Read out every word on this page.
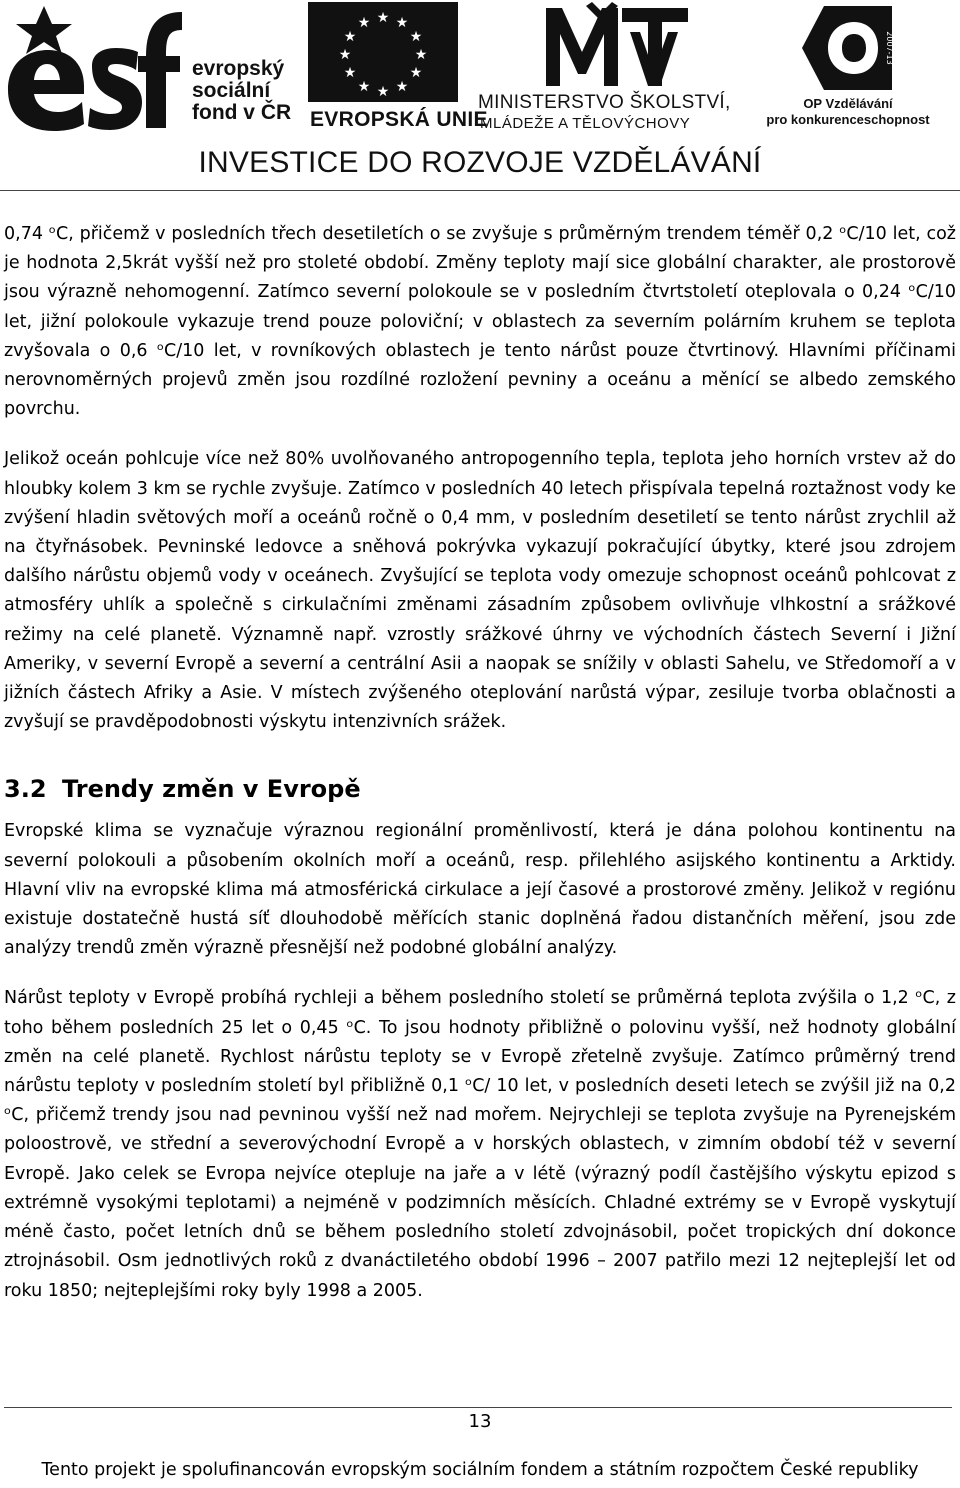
evropský
sociální
fond v ČR
★ ★
★
★
★
★
★
★
★
★
★
★
EVROPSKÁ UNIE
MINISTERSTVO ŠKOLSTVÍ,
MLÁDEŽE A TĚLOVÝCHOVY
2007-13
OP Vzdělávání
pro konkurenceschopnost
INVESTICE DO ROZVOJE VZDĚLÁVÁNÍ

0,74 ᵒC, přičemž v posledních třech desetiletích o se zvyšuje s průměrným trendem téměř 0,2 ᵒC/10 let, což je hodnota 2,5krát vyšší než pro stoleté období. Změny teploty mají sice globální charakter, ale prostorově jsou výrazně nehomogenní. Zatímco severní polokoule se v posledním čtvrtstoletí oteplovala o 0,24 ᵒC/10 let, jižní polokoule vykazuje trend pouze poloviční; v oblastech za severním polárním kruhem se teplota zvyšovala o 0,6 ᵒC/10 let, v rovníkových oblastech je tento nárůst pouze čtvrtinový. Hlavními příčinami nerovnoměrných projevů změn jsou rozdílné rozložení pevniny a oceánu a měnící se albedo zemského povrchu.

Jelikož oceán pohlcuje více než 80% uvolňovaného antropogenního tepla, teplota jeho horních vrstev až do hloubky kolem 3 km se rychle zvyšuje. Zatímco v posledních 40 letech přispívala tepelná roztažnost vody ke zvýšení hladin světových moří a oceánů ročně o 0,4 mm, v posledním desetiletí se tento nárůst zrychlil až na čtyřnásobek. Pevninské ledovce a sněhová pokrývka vykazují pokračující úbytky, které jsou zdrojem dalšího nárůstu objemů vody v oceánech. Zvyšující se teplota vody omezuje schopnost oceánů pohlcovat z atmosféry uhlík a společně s cirkulačními změnami zásadním způsobem ovlivňuje vlhkostní a srážkové režimy na celé planetě. Významně např. vzrostly srážkové úhrny ve východních částech Severní i Jižní Ameriky, v severní Evropě a severní a centrální Asii a naopak se snížily v oblasti Sahelu, ve Středomoří a v jižních částech Afriky a Asie. V místech zvýšeného oteplování narůstá výpar, zesiluje tvorba oblačnosti a zvyšují se pravděpodobnosti výskytu intenzivních srážek.

3.2 Trendy změn v Evropě

Evropské klima se vyznačuje výraznou regionální proměnlivostí, která je dána polohou kontinentu na severní polokouli a působením okolních moří a oceánů, resp. přilehlého asijského kontinentu a Arktidy. Hlavní vliv na evropské klima má atmosférická cirkulace a její časové a prostorové změny. Jelikož v regiónu existuje dostatečně hustá síť dlouhodobě měřících stanic doplněná řadou distančních měření, jsou zde analýzy trendů změn výrazně přesnější než podobné globální analýzy.

Nárůst teploty v Evropě probíhá rychleji a během posledního století se průměrná teplota zvýšila o 1,2 ᵒC, z toho během posledních 25 let o 0,45 ᵒC. To jsou hodnoty přibližně o polovinu vyšší, než hodnoty globální změn na celé planetě. Rychlost nárůstu teploty se v Evropě zřetelně zvyšuje. Zatímco průměrný trend nárůstu teploty v posledním století byl přibližně 0,1 ᵒC/ 10 let, v posledních deseti letech se zvýšil již na 0,2 ᵒC, přičemž trendy jsou nad pevninou vyšší než nad mořem. Nejrychleji se teplota zvyšuje na Pyrenejském poloostrově, ve střední a severovýchodní Evropě a v horských oblastech, v zimním období též v severní Evropě. Jako celek se Evropa nejvíce otepluje na jaře a v létě (výrazný podíl častějšího výskytu epizod s extrémně vysokými teplotami) a nejméně v podzimních měsících. Chladné extrémy se v Evropě vyskytují méně často, počet letních dnů se během posledního století zdvojnásobil, počet tropických dní dokonce ztrojnásobil. Osm jednotlivých roků z dvanáctiletého období 1996 – 2007 patřilo mezi 12 nejteplejší let od roku 1850; nejteplejšími roky byly 1998 a 2005.

13
Tento projekt je spolufinancován evropským sociálním fondem a státním rozpočtem České republiky
